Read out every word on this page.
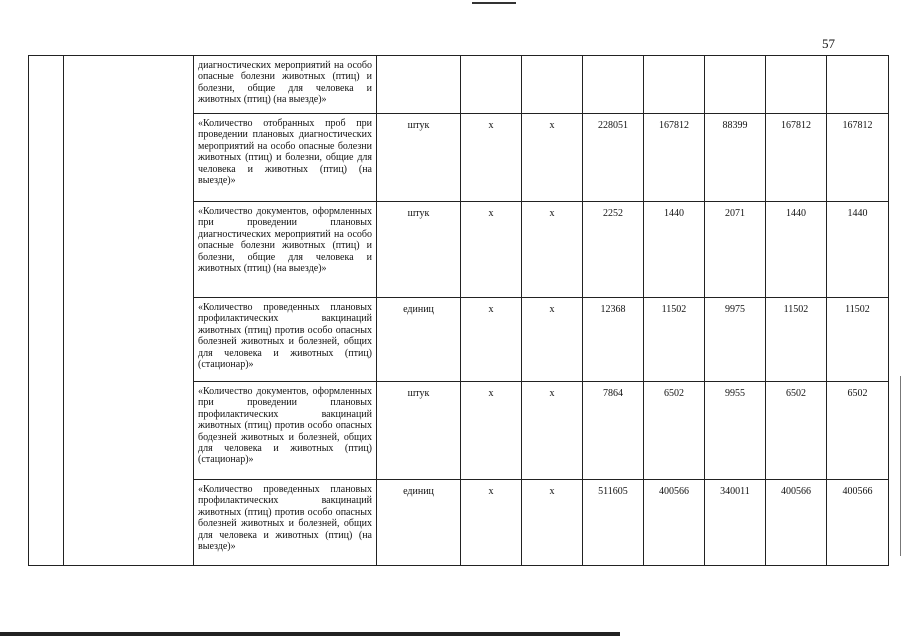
57
		диагностических мероприятий на особо опасные болезни животных (птиц) и болезни, общие для человека и животных (птиц) (на выезде)»								
		«Количество отобранных проб при проведении плановых диагностических мероприятий на особо опасные болезни животных (птиц) и болезни, общие для человека и животных (птиц) (на выезде)»	штук	х	х	228051	167812	88399	167812	167812
		«Количество документов, оформленных при проведении плановых диагностических мероприятий на особо опасные болезни животных (птиц) и болезни, общие для человека и животных (птиц) (на выезде)»	штук	х	х	2252	1440	2071	1440	1440
		«Количество проведенных плановых профилактических вакцинаций животных (птиц) против особо опасных болезней животных и болезней, общих для человека и животных (птиц) (стационар)»	единиц	х	х	12368	11502	9975	11502	11502
		«Количество документов, оформленных при проведении плановых профилактических вакцинаций животных (птиц) против особо опасных бодезней животных и болезней, общих для человека и животных (птиц) (стационар)»	штук	х	х	7864	6502	9955	6502	6502
		«Количество проведенных плановых профилактических вакцинаций животных (птиц) против особо опасных болезней животных и болезней, общих для человека и животных (птиц) (на выезде)»	единиц	х	х	511605	400566	340011	400566	400566
